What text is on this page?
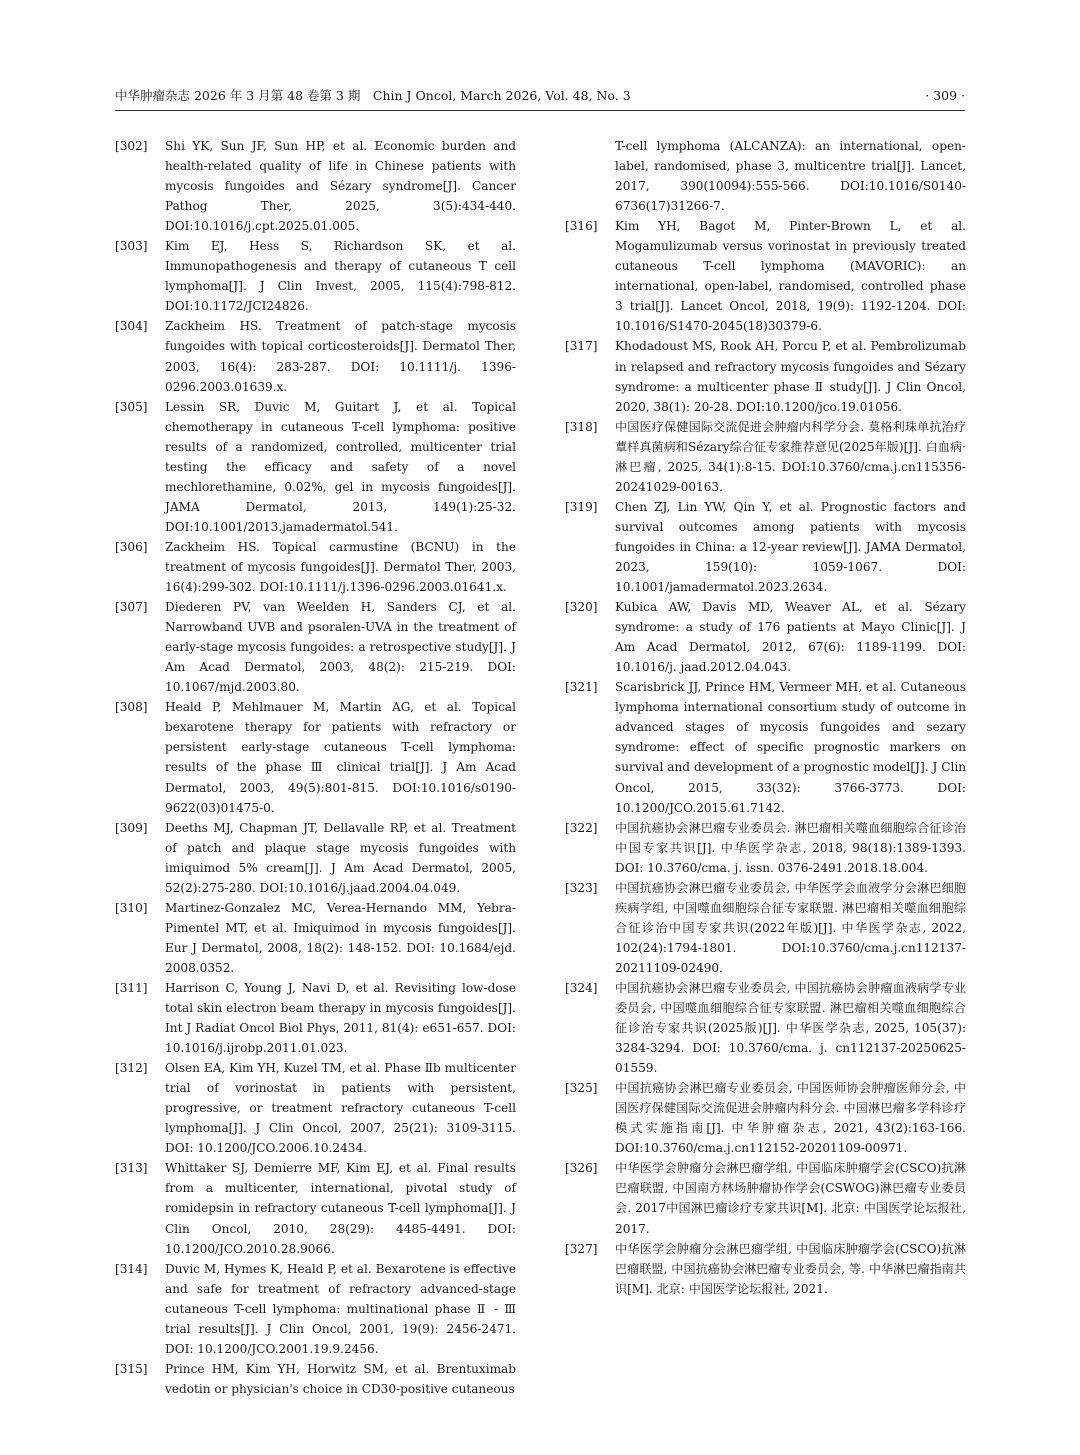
中华肿瘤杂志 2026 年 3 月第 48 卷第 3 期　Chin J Oncol, March 2026, Vol. 48, No. 3	· 309 ·
[302] Shi YK, Sun JF, Sun HP, et al. Economic burden and health-related quality of life in Chinese patients with mycosis fungoides and Sézary syndrome[J]. Cancer Pathog Ther, 2025, 3(5):434-440. DOI:10.1016/j.cpt.2025.01.005.
[303] Kim EJ, Hess S, Richardson SK, et al. Immunopathogenesis and therapy of cutaneous T cell lymphoma[J]. J Clin Invest, 2005, 115(4):798-812. DOI:10.1172/JCI24826.
[304] Zackheim HS. Treatment of patch-stage mycosis fungoides with topical corticosteroids[J]. Dermatol Ther, 2003, 16(4): 283-287. DOI: 10.1111/j. 1396-0296.2003.01639.x.
[305] Lessin SR, Duvic M, Guitart J, et al. Topical chemotherapy in cutaneous T-cell lymphoma: positive results of a randomized, controlled, multicenter trial testing the efficacy and safety of a novel mechlorethamine, 0.02%, gel in mycosis fungoides[J]. JAMA Dermatol, 2013, 149(1):25-32. DOI:10.1001/2013.jamadermatol.541.
[306] Zackheim HS. Topical carmustine (BCNU) in the treatment of mycosis fungoides[J]. Dermatol Ther, 2003, 16(4):299-302. DOI:10.1111/j.1396-0296.2003.01641.x.
[307] Diederen PV, van Weelden H, Sanders CJ, et al. Narrowband UVB and psoralen-UVA in the treatment of early-stage mycosis fungoides: a retrospective study[J]. J Am Acad Dermatol, 2003, 48(2): 215-219. DOI: 10.1067/mjd.2003.80.
[308] Heald P, Mehlmauer M, Martin AG, et al. Topical bexarotene therapy for patients with refractory or persistent early-stage cutaneous T-cell lymphoma: results of the phase Ⅲ clinical trial[J]. J Am Acad Dermatol, 2003, 49(5):801-815. DOI:10.1016/s0190-9622(03)01475-0.
[309] Deeths MJ, Chapman JT, Dellavalle RP, et al. Treatment of patch and plaque stage mycosis fungoides with imiquimod 5% cream[J]. J Am Acad Dermatol, 2005, 52(2):275-280. DOI:10.1016/j.jaad.2004.04.049.
[310] Martinez-Gonzalez MC, Verea-Hernando MM, Yebra-Pimentel MT, et al. Imiquimod in mycosis fungoides[J]. Eur J Dermatol, 2008, 18(2): 148-152. DOI: 10.1684/ejd. 2008.0352.
[311] Harrison C, Young J, Navi D, et al. Revisiting low-dose total skin electron beam therapy in mycosis fungoides[J]. Int J Radiat Oncol Biol Phys, 2011, 81(4): e651-657. DOI: 10.1016/j.ijrobp.2011.01.023.
[312] Olsen EA, Kim YH, Kuzel TM, et al. Phase Ⅱb multicenter trial of vorinostat in patients with persistent, progressive, or treatment refractory cutaneous T-cell lymphoma[J]. J Clin Oncol, 2007, 25(21): 3109-3115. DOI: 10.1200/JCO.2006.10.2434.
[313] Whittaker SJ, Demierre MF, Kim EJ, et al. Final results from a multicenter, international, pivotal study of romidepsin in refractory cutaneous T-cell lymphoma[J]. J Clin Oncol, 2010, 28(29): 4485-4491. DOI: 10.1200/JCO.2010.28.9066.
[314] Duvic M, Hymes K, Heald P, et al. Bexarotene is effective and safe for treatment of refractory advanced-stage cutaneous T-cell lymphoma: multinational phase Ⅱ - Ⅲ trial results[J]. J Clin Oncol, 2001, 19(9): 2456-2471. DOI: 10.1200/JCO.2001.19.9.2456.
[315] Prince HM, Kim YH, Horwitz SM, et al. Brentuximab vedotin or physician's choice in CD30-positive cutaneous
T-cell lymphoma (ALCANZA): an international, open-label, randomised, phase 3, multicentre trial[J]. Lancet, 2017, 390(10094):555-566. DOI:10.1016/S0140-6736(17)31266-7.
[316] Kim YH, Bagot M, Pinter-Brown L, et al. Mogamulizumab versus vorinostat in previously treated cutaneous T-cell lymphoma (MAVORIC): an international, open-label, randomised, controlled phase 3 trial[J]. Lancet Oncol, 2018, 19(9): 1192-1204. DOI: 10.1016/S1470-2045(18)30379-6.
[317] Khodadoust MS, Rook AH, Porcu P, et al. Pembrolizumab in relapsed and refractory mycosis fungoides and Sézary syndrome: a multicenter phase Ⅱ study[J]. J Clin Oncol, 2020, 38(1): 20-28. DOI:10.1200/jco.19.01056.
[318] 中国医疗保健国际交流促进会肿瘤内科学分会. 莫格利珠单抗治疗蕈样真菌病和Sézary综合征专家推荐意见(2025年版)[J]. 白血病·淋巴瘤, 2025, 34(1):8-15. DOI:10.3760/cma.j.cn115356-20241029-00163.
[319] Chen ZJ, Lin YW, Qin Y, et al. Prognostic factors and survival outcomes among patients with mycosis fungoides in China: a 12-year review[J]. JAMA Dermatol, 2023, 159(10): 1059-1067. DOI: 10.1001/jamadermatol.2023.2634.
[320] Kubica AW, Davis MD, Weaver AL, et al. Sézary syndrome: a study of 176 patients at Mayo Clinic[J]. J Am Acad Dermatol, 2012, 67(6): 1189-1199. DOI: 10.1016/j. jaad.2012.04.043.
[321] Scarisbrick JJ, Prince HM, Vermeer MH, et al. Cutaneous lymphoma international consortium study of outcome in advanced stages of mycosis fungoides and sezary syndrome: effect of specific prognostic markers on survival and development of a prognostic model[J]. J Clin Oncol, 2015, 33(32): 3766-3773. DOI: 10.1200/JCO.2015.61.7142.
[322] 中国抗癌协会淋巴瘤专业委员会. 淋巴瘤相关噬血细胞综合征诊治中国专家共识[J]. 中华医学杂志, 2018, 98(18):1389-1393. DOI: 10.3760/cma. j. issn. 0376-2491.2018.18.004.
[323] 中国抗癌协会淋巴瘤专业委员会, 中华医学会血液学分会淋巴细胞疾病学组, 中国噬血细胞综合征专家联盟. 淋巴瘤相关噬血细胞综合征诊治中国专家共识(2022年版)[J]. 中华医学杂志, 2022, 102(24):1794-1801. DOI:10.3760/cma.j.cn112137-20211109-02490.
[324] 中国抗癌协会淋巴瘤专业委员会, 中国抗癌协会肿瘤血液病学专业委员会, 中国噬血细胞综合征专家联盟. 淋巴瘤相关噬血细胞综合征诊治专家共识(2025版)[J]. 中华医学杂志, 2025, 105(37): 3284-3294. DOI: 10.3760/cma. j. cn112137-20250625-01559.
[325] 中国抗癌协会淋巴瘤专业委员会, 中国医师协会肿瘤医师分会, 中国医疗保健国际交流促进会肿瘤内科分会. 中国淋巴瘤多学科诊疗模式实施指南[J]. 中华肿瘤杂志, 2021, 43(2):163-166. DOI:10.3760/cma.j.cn112152-20201109-00971.
[326] 中华医学会肿瘤分会淋巴瘤学组, 中国临床肿瘤学会(CSCO)抗淋巴瘤联盟, 中国南方林场肿瘤协作学会(CSWOG)淋巴瘤专业委员会. 2017中国淋巴瘤诊疗专家共识[M]. 北京: 中国医学论坛报社, 2017.
[327] 中华医学会肿瘤分会淋巴瘤学组, 中国临床肿瘤学会(CSCO)抗淋巴瘤联盟, 中国抗癌协会淋巴瘤专业委员会, 等. 中华淋巴瘤指南共识[M]. 北京: 中国医学论坛报社, 2021.
